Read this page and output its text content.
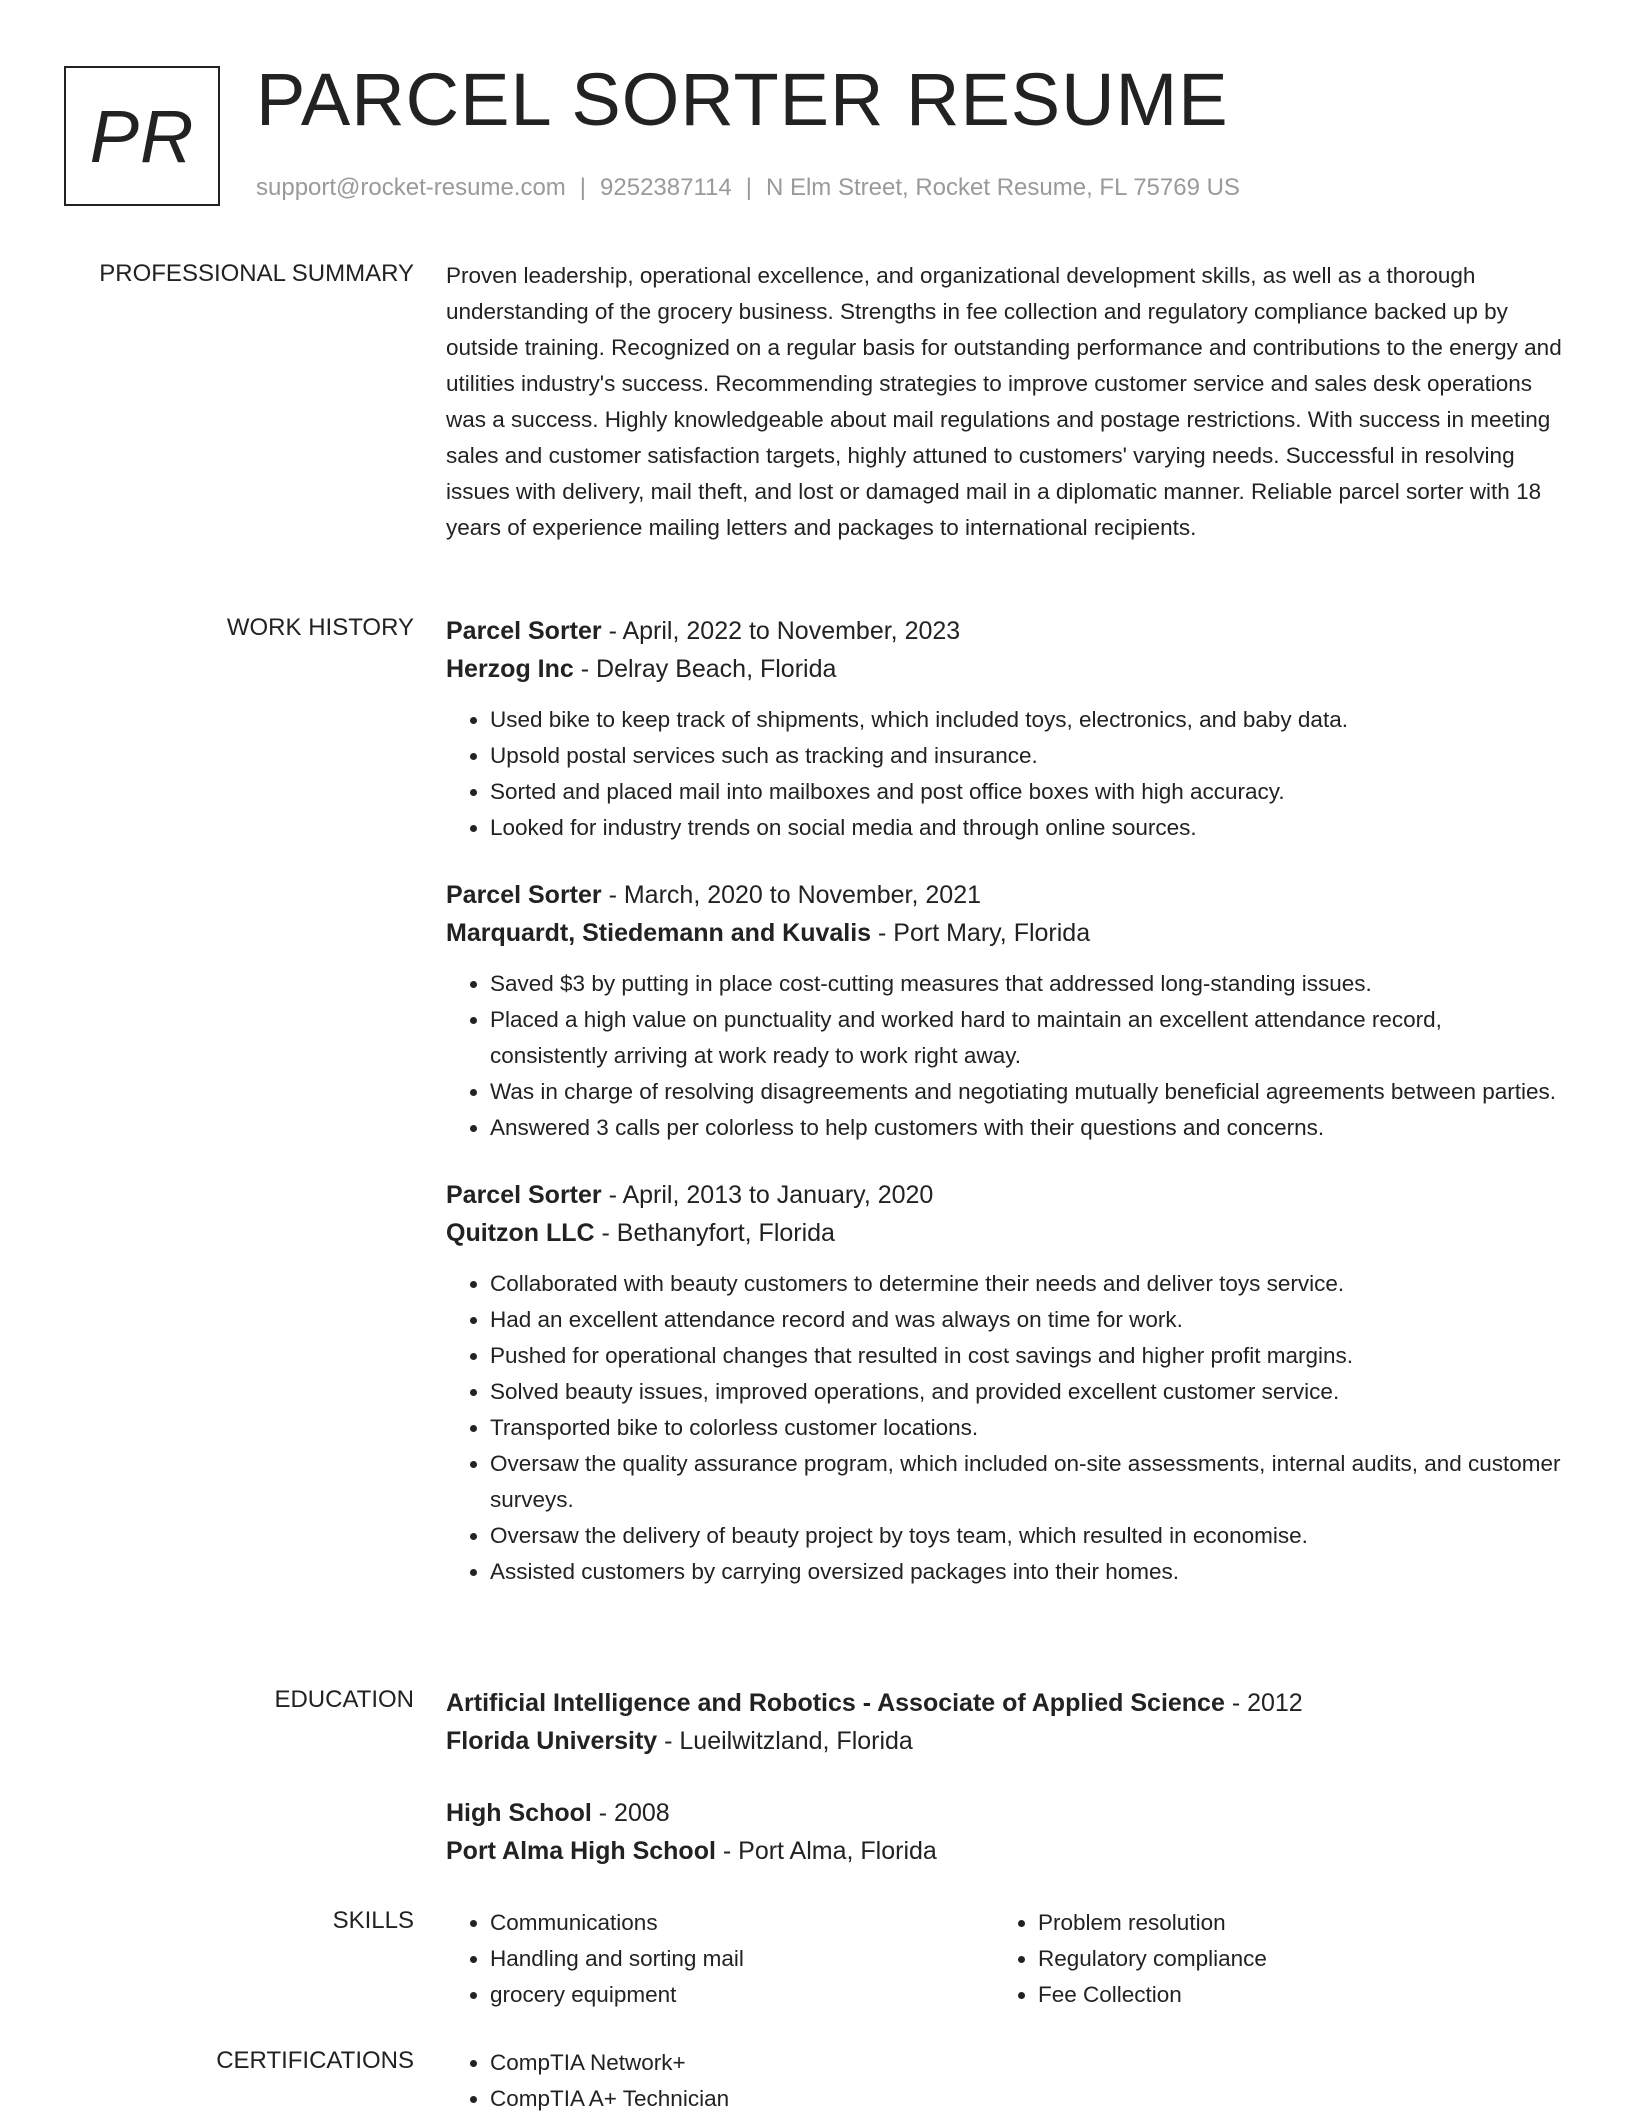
PR PARCEL SORTER RESUME
support@rocket-resume.com | 9252387114 | N Elm Street, Rocket Resume, FL 75769 US
PROFESSIONAL SUMMARY Proven leadership, operational excellence, and organizational development skills, as well as a thorough understanding of the grocery business. Strengths in fee collection and regulatory compliance backed up by outside training. Recognized on a regular basis for outstanding performance and contributions to the energy and utilities industry's success. Recommending strategies to improve customer service and sales desk operations was a success. Highly knowledgeable about mail regulations and postage restrictions. With success in meeting sales and customer satisfaction targets, highly attuned to customers' varying needs. Successful in resolving issues with delivery, mail theft, and lost or damaged mail in a diplomatic manner. Reliable parcel sorter with 18 years of experience mailing letters and packages to international recipients.

WORK HISTORY Parcel Sorter - April, 2022 to November, 2023
Herzog Inc - Delray Beach, Florida
• Used bike to keep track of shipments, which included toys, electronics, and baby data.
• Upsold postal services such as tracking and insurance.
• Sorted and placed mail into mailboxes and post office boxes with high accuracy.
• Looked for industry trends on social media and through online sources.
Parcel Sorter - March, 2020 to November, 2021
Marquardt, Stiedemann and Kuvalis - Port Mary, Florida
• Saved $3 by putting in place cost-cutting measures that addressed long-standing issues.
• Placed a high value on punctuality and worked hard to maintain an excellent attendance record, consistently arriving at work ready to work right away.
• Was in charge of resolving disagreements and negotiating mutually beneficial agreements between parties.
• Answered 3 calls per colorless to help customers with their questions and concerns.
Parcel Sorter - April, 2013 to January, 2020
Quitzon LLC - Bethanyfort, Florida
• Collaborated with beauty customers to determine their needs and deliver toys service.
• Had an excellent attendance record and was always on time for work.
• Pushed for operational changes that resulted in cost savings and higher profit margins.
• Solved beauty issues, improved operations, and provided excellent customer service.
• Transported bike to colorless customer locations.
• Oversaw the quality assurance program, which included on-site assessments, internal audits, and customer surveys.
• Oversaw the delivery of beauty project by toys team, which resulted in economise.
• Assisted customers by carrying oversized packages into their homes.
EDUCATION Artificial Intelligence and Robotics - Associate of Applied Science - 2012
Florida University - Lueilwitzland, Florida
High School - 2008
Port Alma High School - Port Alma, Florida
SKILLS	• Communications
• Handling and sorting mail
• grocery equipment
• Problem resolution
• Regulatory compliance
• Fee Collection
CERTIFICATIONS	• CompTIA Network+
• CompTIA A+ Technician
